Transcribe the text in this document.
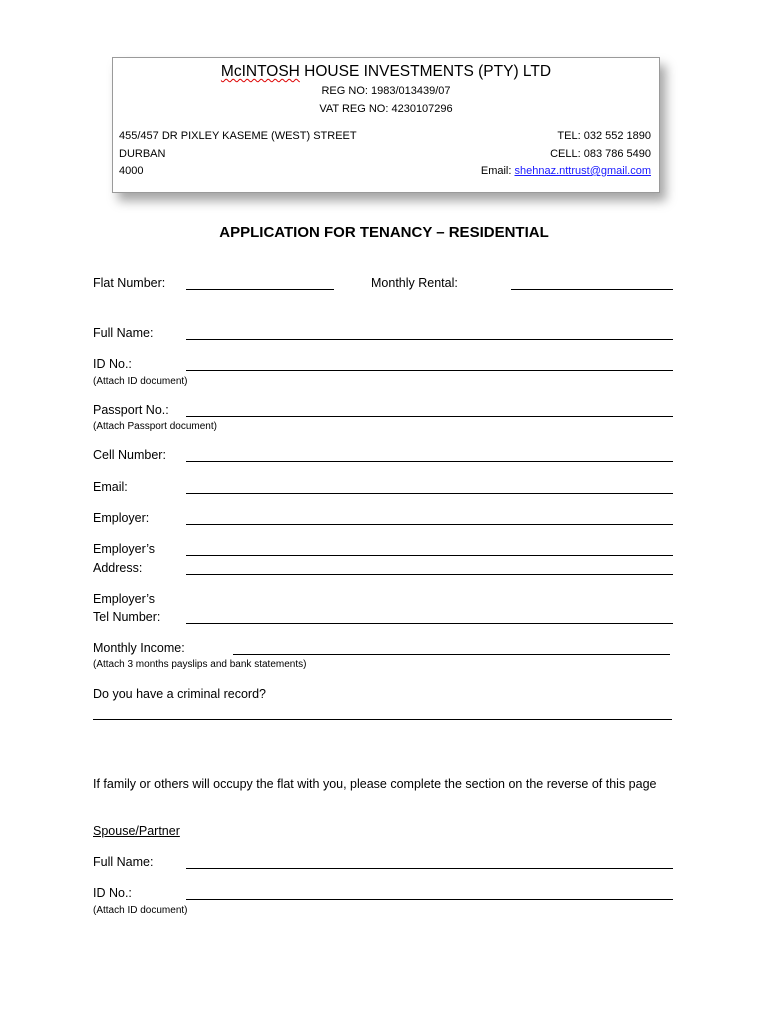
McINTOSH HOUSE INVESTMENTS (PTY) LTD
REG NO: 1983/013439/07
VAT REG NO: 4230107296
455/457 DR PIXLEY KASEME (WEST) STREET
DURBAN
4000
TEL: 032 552 1890
CELL: 083 786 5490
Email: shehnaz.nttrust@gmail.com
APPLICATION FOR TENANCY – RESIDENTIAL
Flat Number:	Monthly Rental:
Full Name:
ID No.:
(Attach ID document)
Passport No.:
(Attach Passport document)
Cell Number:
Email:
Employer:
Employer’s
Address:
Employer’s
Tel Number:
Monthly Income:
(Attach 3 months payslips and bank statements)
Do you have a criminal record?
If family or others will occupy the flat with you, please complete the section on the reverse of this page
Spouse/Partner
Full Name:
ID No.:
(Attach ID document)
